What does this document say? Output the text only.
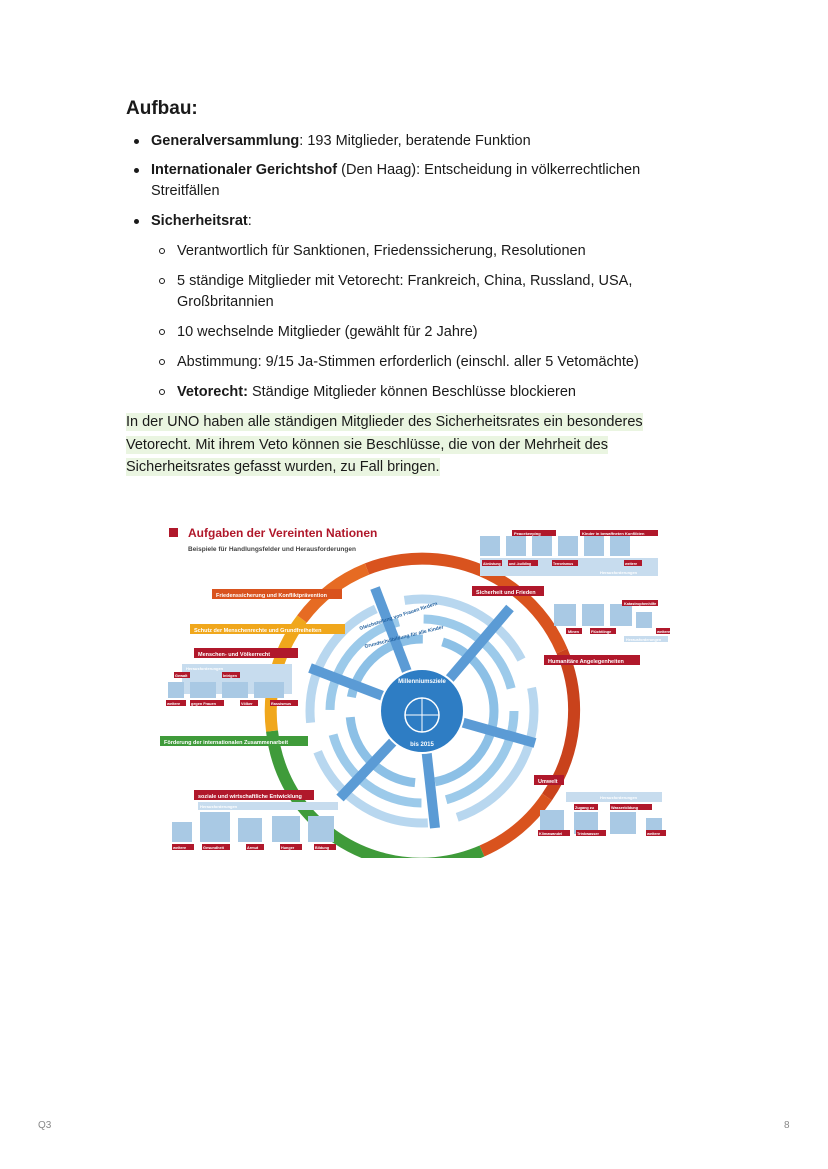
Aufbau:
Generalversammlung: 193 Mitglieder, beratende Funktion
Internationaler Gerichtshof (Den Haag): Entscheidung in völkerrechtlichen
Streitfällen
Sicherheitsrat:
Verantwortlich für Sanktionen, Friedenssicherung, Resolutionen
5 ständige Mitglieder mit Vetorecht: Frankreich, China, Russland, USA,
Großbritannien
10 wechselnde Mitglieder (gewählt für 2 Jahre)
Abstimmung: 9/15 Ja-Stimmen erforderlich (einschl. aller 5 Vetomächte)
Vetorecht: Ständige Mitglieder können Beschlüsse blockieren
In der UNO haben alle ständigen Mitglieder des Sicherheitsrates ein besonderes
Vetorecht. Mit ihrem Veto können sie Beschlüsse, die von der Mehrheit des
Sicherheitsrates gefasst wurden, zu Fall bringen.
Aufgaben der Vereinten Nationen
Beispiele für Handlungsfelder und Herausforderungen
Millenniumsziele
bis 2015
Gleichstellung von Frauen fördern
Grundschulbildung für alle Kinder
Friedenssicherung und Konfliktprävention
Schutz der Menschenrechte und Grundfreiheiten
Menschen- und Völkerrecht
Förderung der internationalen Zusammenarbeit
soziale und wirtschaftliche Entwicklung
Sicherheit und Frieden
Humanitäre Angelegenheiten
Umwelt
Peacekeeping	Kinder in bewaffneten Konflikten
Abrüstung und -building	Terrorismus	weitere
Herausforderungen
Katastrophenhilfe
Minen	Flüchtlinge	weitere
Herausforderungen
Herausforderungen
Gewalt	Intrigen
weitere	gegen Frauen	Völker	Rassismus
Herausforderungen
weitere	Gesundheit	Armut	Hunger	Bildung
Herausforderungen
Zugang zu	Wasserbildung
Klimawandel	Trinkwasser	weitere
Q3	8
